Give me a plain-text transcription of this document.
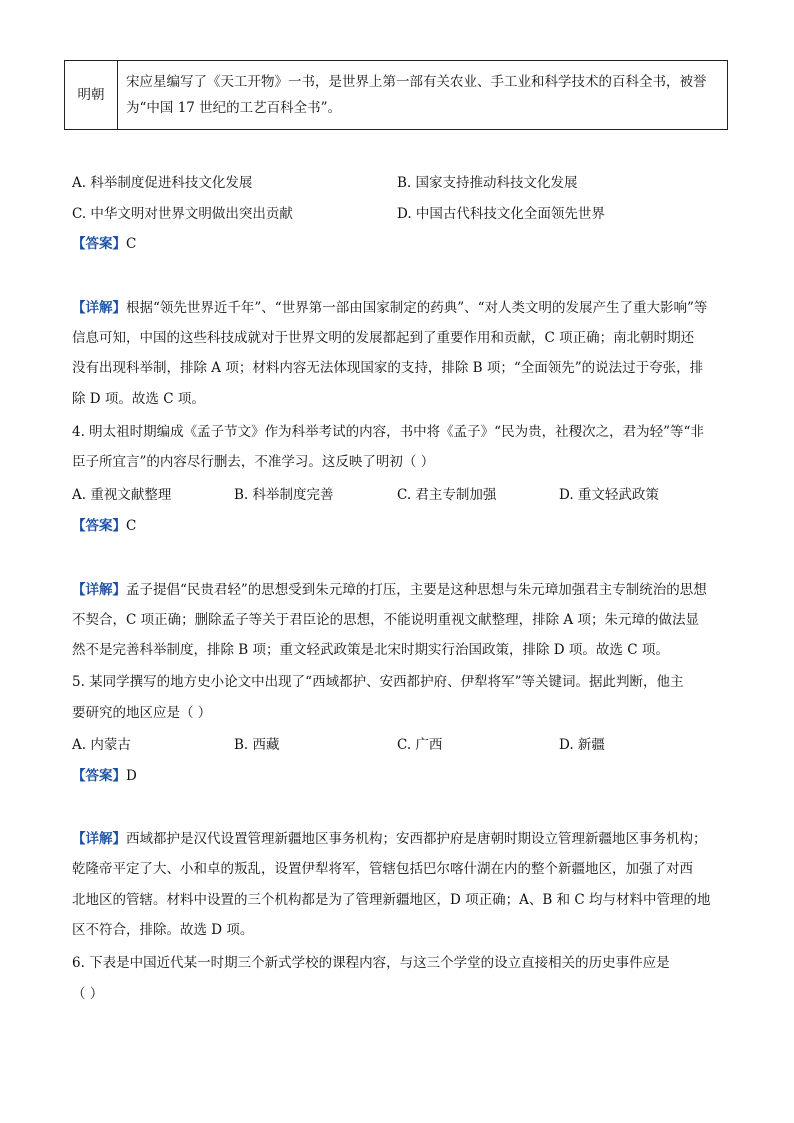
明朝	宋应星编写了《天工开物》一书，是世界上第一部有关农业、手工业和科学技术的百科全书，被誉为“中国 17 世纪的工艺百科全书”。
A. 科举制度促进科技文化发展	B. 国家支持推动科技文化发展
C. 中华文明对世界文明做出突出贡献	D. 中国古代科技文化全面领先世界
【答案】C
【详解】根据“领先世界近千年”、“世界第一部由国家制定的药典”、“对人类文明的发展产生了重大影响”等
信息可知，中国的这些科技成就对于世界文明的发展都起到了重要作用和贡献，C 项正确；南北朝时期还
没有出现科举制，排除 A 项；材料内容无法体现国家的支持，排除 B 项；“全面领先”的说法过于夸张，排
除 D 项。故选 C 项。
4. 明太祖时期编成《孟子节文》作为科举考试的内容，书中将《孟子》“民为贵，社稷次之，君为轻”等“非
臣子所宜言”的内容尽行删去，不准学习。这反映了明初（ ）
A. 重视文献整理	B. 科举制度完善	C. 君主专制加强	D. 重文轻武政策
【答案】C
【详解】孟子提倡“民贵君轻”的思想受到朱元璋的打压，主要是这种思想与朱元璋加强君主专制统治的思想
不契合，C 项正确；删除孟子等关于君臣论的思想，不能说明重视文献整理，排除 A 项；朱元璋的做法显
然不是完善科举制度，排除 B 项；重文轻武政策是北宋时期实行治国政策，排除 D 项。故选 C 项。
5. 某同学撰写的地方史小论文中出现了“西域都护、安西都护府、伊犁将军”等关键词。据此判断，他主
要研究的地区应是（ ）
A. 内蒙古	B. 西藏	C. 广西	D. 新疆
【答案】D
【详解】西域都护是汉代设置管理新疆地区事务机构；安西都护府是唐朝时期设立管理新疆地区事务机构；
乾隆帝平定了大、小和卓的叛乱，设置伊犁将军，管辖包括巴尔喀什湖在内的整个新疆地区，加强了对西
北地区的管辖。材料中设置的三个机构都是为了管理新疆地区，D 项正确；A、B 和 C 均与材料中管理的地
区不符合，排除。故选 D 项。
6. 下表是中国近代某一时期三个新式学校的课程内容，与这三个学堂的设立直接相关的历史事件应是
（ ）
